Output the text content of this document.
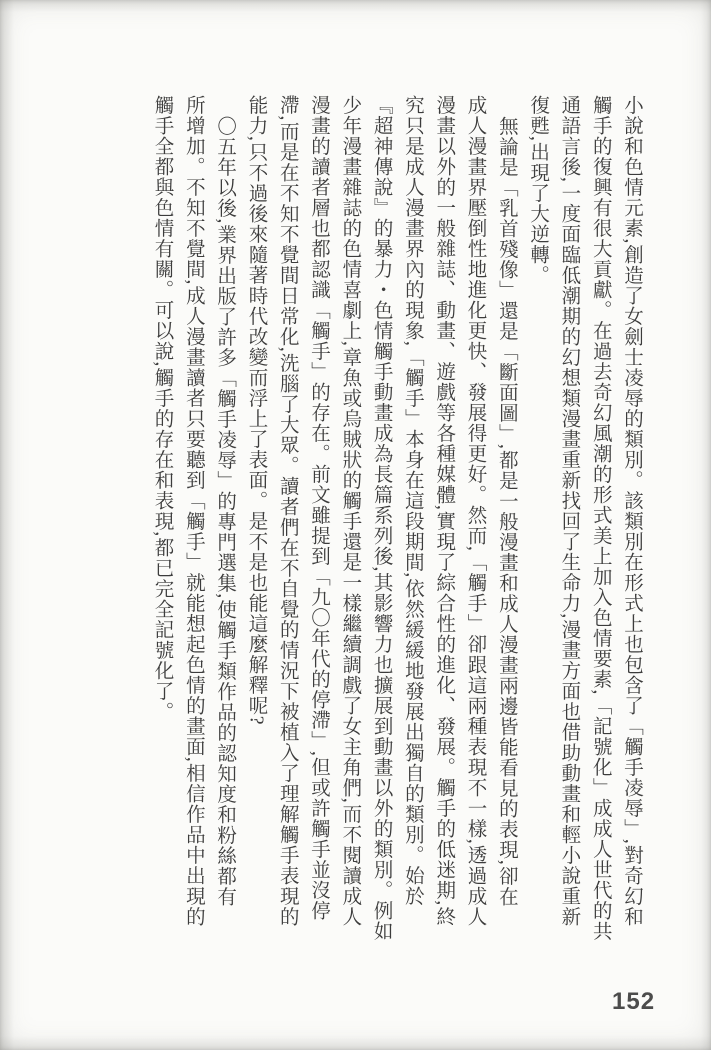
小說和色情元素,創造了女劍士凌辱的類別。該類別在形式上也包含了「觸手凌辱」,對奇幻和

觸手的復興有很大貢獻。在過去奇幻風潮的形式美上加入色情要素,「記號化」成成人世代的共

通語言後,一度面臨低潮期的幻想類漫畫重新找回了生命力,漫畫方面也借助動畫和輕小說重新

復甦,出現了大逆轉。

無論是「乳首殘像」還是「斷面圖」,都是一般漫畫和成人漫畫兩邊皆能看見的表現,卻在

成人漫畫界壓倒性地進化更快、發展得更好。然而,「觸手」卻跟這兩種表現不一樣,透過成人

漫畫以外的一般雜誌、動畫、遊戲等各種媒體,實現了綜合性的進化、發展。觸手的低迷期,終

究只是成人漫畫界內的現象,「觸手」本身在這段期間,依然緩緩地發展出獨自的類別。始於

『超神傳說』的暴力・色情觸手動畫成為長篇系列後,其影響力也擴展到動畫以外的類別。例如

少年漫畫雜誌的色情喜劇上,章魚或烏賊狀的觸手還是一樣繼續調戲了女主角們,而不閱讀成人

漫畫的讀者層也都認識「觸手」的存在。前文雖提到「九〇年代的停滯」,但或許觸手並沒停

滯,而是在不知不覺間日常化,洗腦了大眾。讀者們在不自覺的情況下被植入了理解觸手表現的

能力,只不過後來隨著時代改變而浮上了表面。是不是也能這麼解釋呢?

〇五年以後,業界出版了許多「觸手凌辱」的專門選集,使觸手類作品的認知度和粉絲都有

所增加。不知不覺間,成人漫畫讀者只要聽到「觸手」就能想起色情的畫面,相信作品中出現的

觸手全都與色情有關。可以說,觸手的存在和表現,都已完全記號化了。

152
